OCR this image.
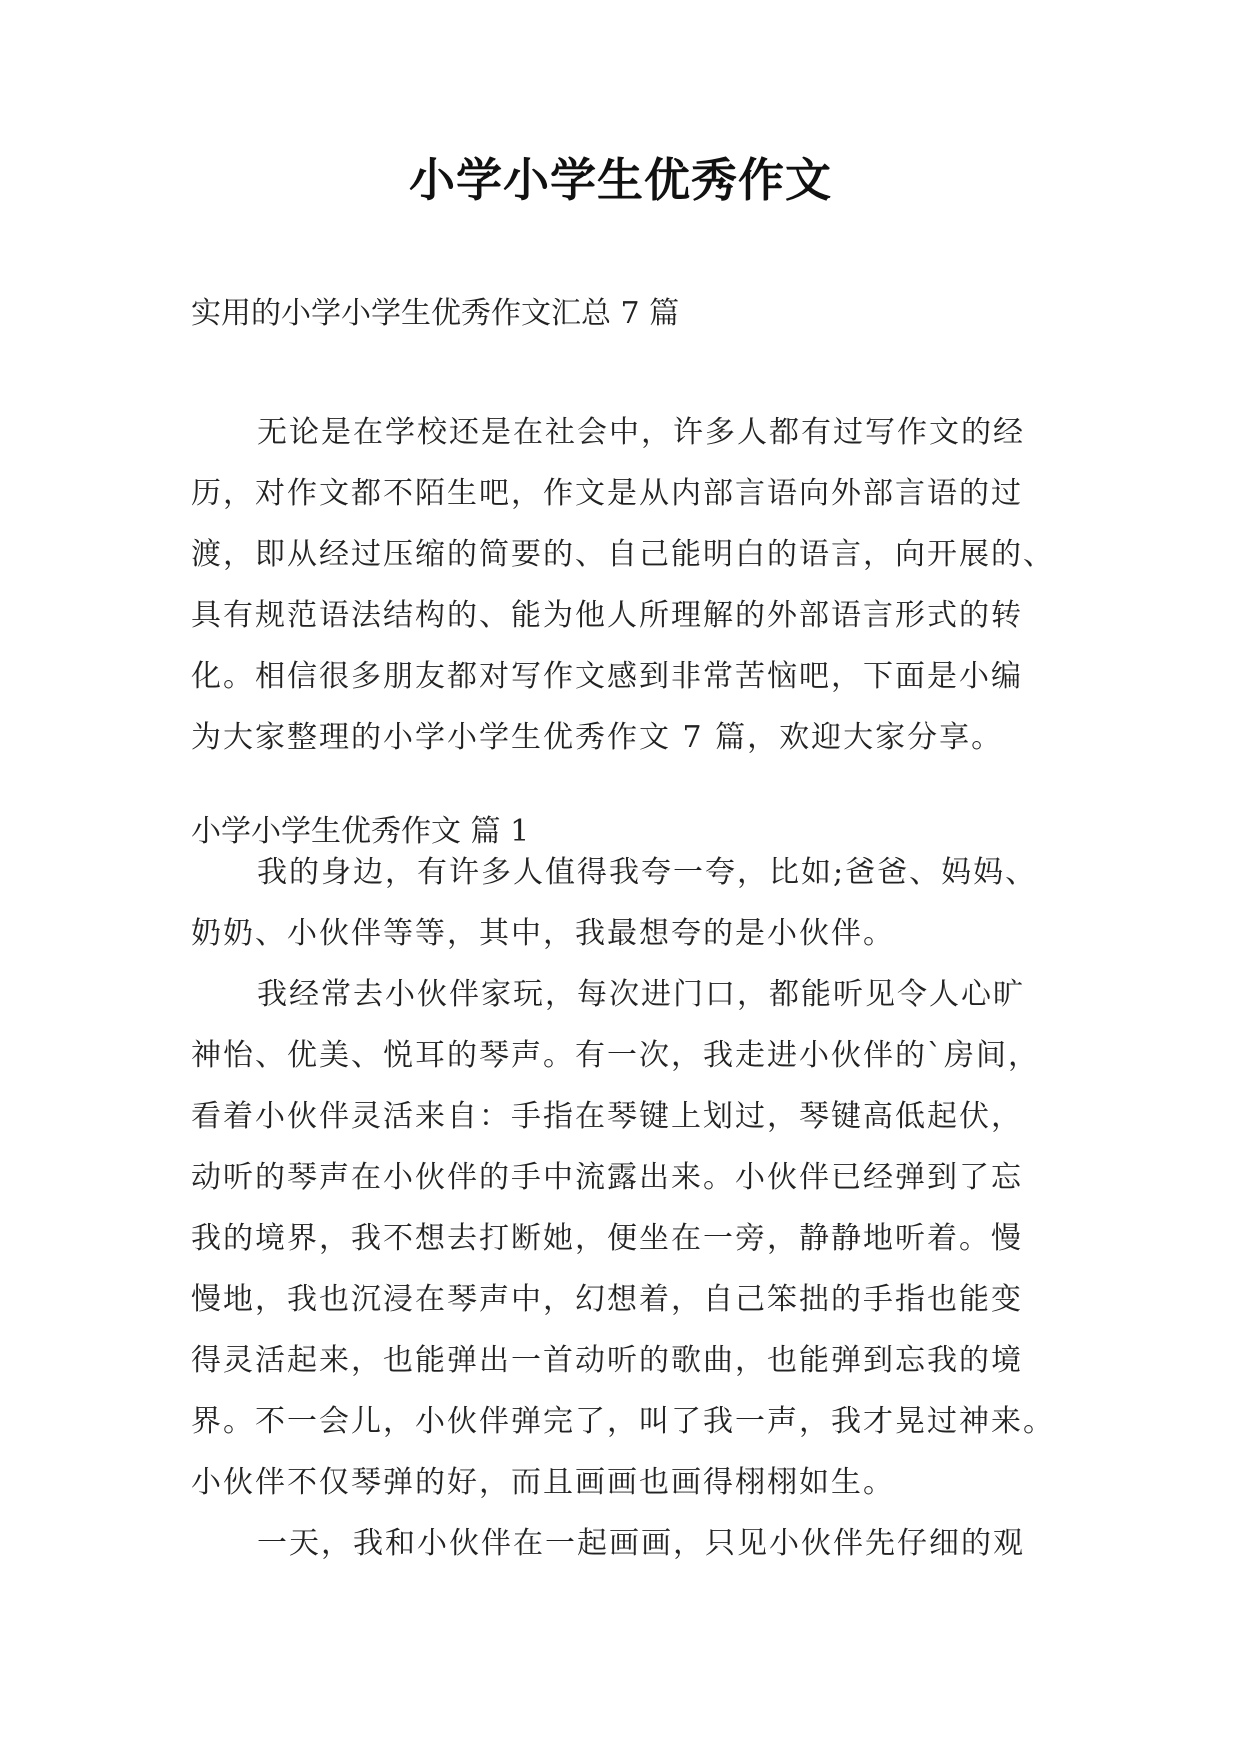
小学小学生优秀作文
实用的小学小学生优秀作文汇总 7 篇
无论是在学校还是在社会中，许多人都有过写作文的经
历，对作文都不陌生吧，作文是从内部言语向外部言语的过
渡，即从经过压缩的简要的、自己能明白的语言，向开展的、
具有规范语法结构的、能为他人所理解的外部语言形式的转
化。相信很多朋友都对写作文感到非常苦恼吧，下面是小编
为大家整理的小学小学生优秀作文 7 篇，欢迎大家分享。
小学小学生优秀作文 篇 1
我的身边，有许多人值得我夸一夸，比如;爸爸、妈妈、
奶奶、小伙伴等等，其中，我最想夸的是小伙伴。
我经常去小伙伴家玩，每次进门口，都能听见令人心旷
神怡、优美、悦耳的琴声。有一次，我走进小伙伴的`房间，
看着小伙伴灵活来自：手指在琴键上划过，琴键高低起伏，
动听的琴声在小伙伴的手中流露出来。小伙伴已经弹到了忘
我的境界，我不想去打断她，便坐在一旁，静静地听着。慢
慢地，我也沉浸在琴声中，幻想着，自己笨拙的手指也能变
得灵活起来，也能弹出一首动听的歌曲，也能弹到忘我的境
界。不一会儿，小伙伴弹完了，叫了我一声，我才晃过神来。
小伙伴不仅琴弹的好，而且画画也画得栩栩如生。
一天，我和小伙伴在一起画画，只见小伙伴先仔细的观
